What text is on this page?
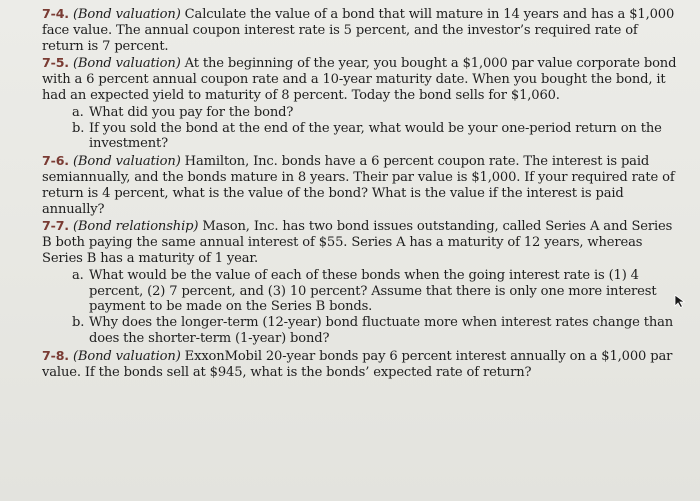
7-4. (Bond valuation) Calculate the value of a bond that will mature in 14 years and has a $1,000 face value. The annual coupon interest rate is 5 percent, and the investor’s required rate of return is 7 percent.
7-5. (Bond valuation) At the beginning of the year, you bought a $1,000 par value corporate bond with a 6 percent annual coupon rate and a 10-year maturity date. When you bought the bond, it had an expected yield to maturity of 8 percent. Today the bond sells for $1,060.
a. What did you pay for the bond?
b. If you sold the bond at the end of the year, what would be your one-period return on the investment?
7-6. (Bond valuation) Hamilton, Inc. bonds have a 6 percent coupon rate. The interest is paid semiannually, and the bonds mature in 8 years. Their par value is $1,000. If your required rate of return is 4 percent, what is the value of the bond? What is the value if the interest is paid annually?
7-7. (Bond relationship) Mason, Inc. has two bond issues outstanding, called Series A and Series B both paying the same annual interest of $55. Series A has a maturity of 12 years, whereas Series B has a maturity of 1 year.
a. What would be the value of each of these bonds when the going interest rate is (1) 4 percent, (2) 7 percent, and (3) 10 percent? Assume that there is only one more interest payment to be made on the Series B bonds.
b. Why does the longer-term (12-year) bond fluctuate more when interest rates change than does the shorter-term (1-year) bond?
7-8. (Bond valuation) ExxonMobil 20-year bonds pay 6 percent interest annually on a $1,000 par value. If the bonds sell at $945, what is the bonds’ expected rate of return?
